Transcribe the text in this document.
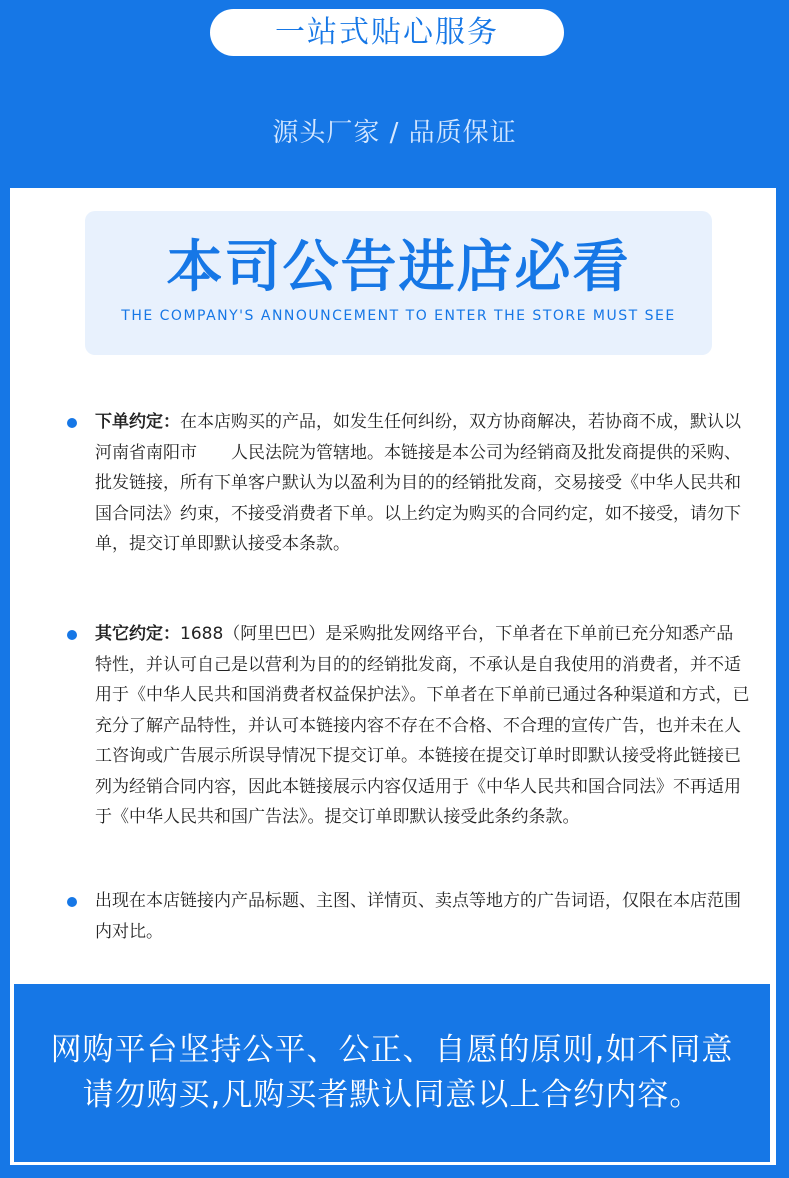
一站式贴心服务
源头厂家 / 品质保证
本司公告进店必看
THE COMPANY'S ANNOUNCEMENT TO ENTER THE STORE MUST SEE
下单约定：在本店购买的产品，如发生任何纠纷，双方协商解决，若协商不成，默认以　　河南省南阳市　　人民法院为管辖地。本链接是本公司为经销商及批发商提供的采购、批发链接，所有下单客户默认为以盈利为目的的经销批发商，交易接受《中华人民共和国合同法》约束，不接受消费者下单。以上约定为购买的合同约定，如不接受，请勿下单，提交订单即默认接受本条款。
其它约定：1688（阿里巴巴）是采购批发网络平台，下单者在下单前已充分知悉产品特性，并认可自己是以营利为目的的经销批发商，不承认是自我使用的消费者，并不适用于《中华人民共和国消费者权益保护法》。下单者在下单前已通过各种渠道和方式，已充分了解产品特性，并认可本链接内容不存在不合格、不合理的宣传广告，也并未在人工咨询或广告展示所误导情况下提交订单。本链接在提交订单时即默认接受将此链接已列为经销合同内容，因此本链接展示内容仅适用于《中华人民共和国合同法》不再适用于《中华人民共和国广告法》。提交订单即默认接受此条约条款。
出现在本店链接内产品标题、主图、详情页、卖点等地方的广告词语，仅限在本店范围内对比。
网购平台坚持公平、公正、自愿的原则,如不同意请勿购买,凡购买者默认同意以上合约内容。
